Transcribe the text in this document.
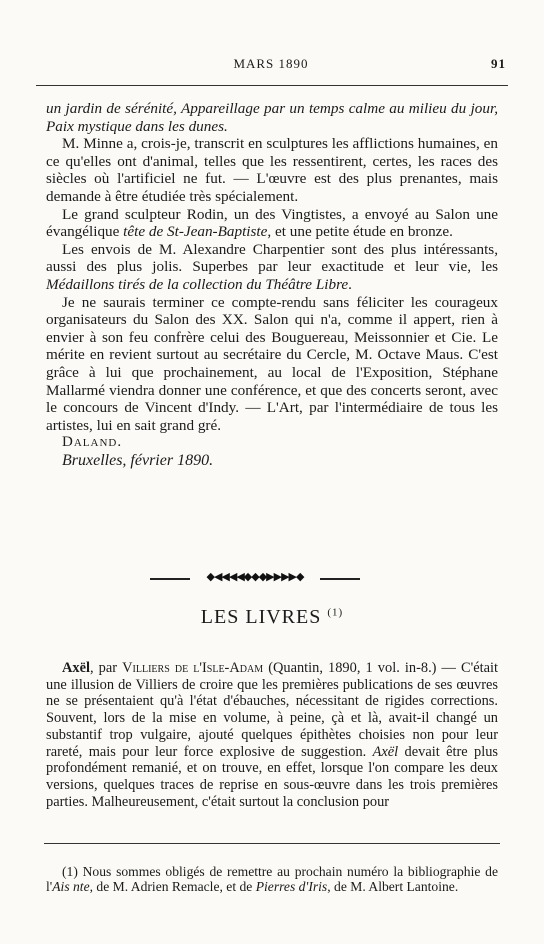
MARS 1890	91

un jardin de sérénité, Appareillage par un temps calme au milieu du jour, Paix mystique dans les dunes.

M. Minne a, crois-je, transcrit en sculptures les afflictions humaines, en ce qu'elles ont d'animal, telles que les ressentirent, certes, les races des siècles où l'artificiel ne fut. — L'œuvre est des plus prenantes, mais demande à être étudiée très spécialement.

Le grand sculpteur Rodin, un des Vingtistes, a envoyé au Salon une évangélique tête de St-Jean-Baptiste, et une petite étude en bronze.

Les envois de M. Alexandre Charpentier sont des plus intéressants, aussi des plus jolis. Superbes par leur exactitude et leur vie, les Médaillons tirés de la collection du Théâtre Libre.

Je ne saurais terminer ce compte-rendu sans féliciter les courageux organisateurs du Salon des XX. Salon qui n'a, comme il appert, rien à envier à son feu confrère celui des Bouguereau, Meissonnier et Cie. Le mérite en revient surtout au secrétaire du Cercle, M. Octave Maus. C'est grâce à lui que prochainement, au local de l'Exposition, Stéphane Mallarmé viendra donner une conférence, et que des concerts seront, avec le concours de Vincent d'Indy. — L'Art, par l'intermédiaire de tous les artistes, lui en sait grand gré.

Daland.

Bruxelles, février 1890.

◆◀◀◀◀◆◆◆▶▶▶▶◆
LES LIVRES $^{(1)}$

Axël, par Villiers de l'Isle-Adam (Quantin, 1890, 1 vol. in-8.) — C'était une illusion de Villiers de croire que les premières publications de ses œuvres ne se présentaient qu'à l'état d'ébauches, nécessitant de rigides corrections. Souvent, lors de la mise en volume, à peine, çà et là, avait-il changé un substantif trop vulgaire, ajouté quelques épithètes choisies non pour leur rareté, mais pour leur force explosive de suggestion. Axël devait être plus profondément remanié, et on trouve, en effet, lorsque l'on compare les deux versions, quelques traces de reprise en sous-œuvre dans les trois premières parties. Malheureusement, c'était surtout la conclusion pour

(1) Nous sommes obligés de remettre au prochain numéro la bibliographie de l'Ais nte, de M. Adrien Remacle, et de Pierres d'Iris, de M. Albert Lantoine.
